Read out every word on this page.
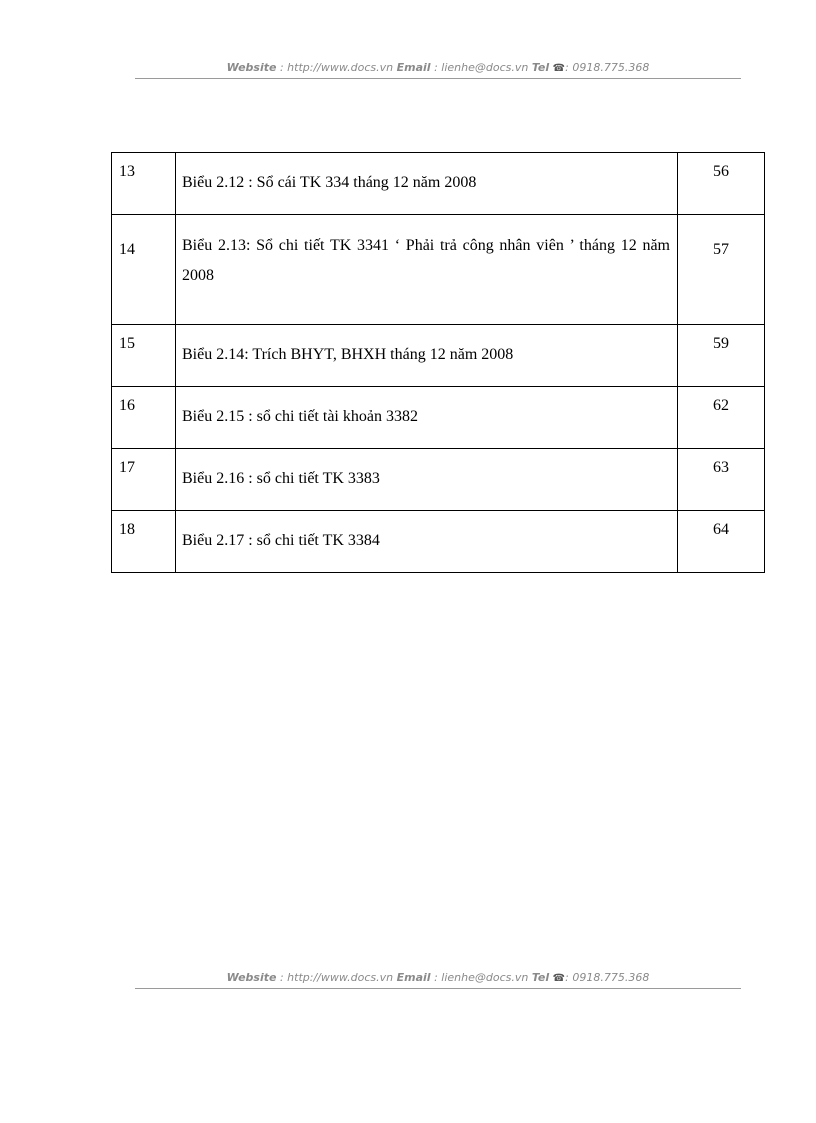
Website : http://www.docs.vn Email : lienhe@docs.vn Tel ☎: 0918.775.368
13	Biểu 2.12 : Sổ cái TK 334 tháng 12 năm 2008	56
14	Biểu 2.13: Sổ chi tiết TK 3341 ‘ Phải trả công nhân viên ’ tháng 12 năm 2008	57
15	Biểu 2.14: Trích BHYT, BHXH tháng 12 năm 2008	59
16	Biểu 2.15 : sổ chi tiết tài khoản 3382	62
17	Biểu 2.16 : sổ chi tiết TK 3383	63
18	Biểu 2.17 : sổ chi tiết TK 3384	64
Website : http://www.docs.vn Email : lienhe@docs.vn Tel ☎: 0918.775.368
